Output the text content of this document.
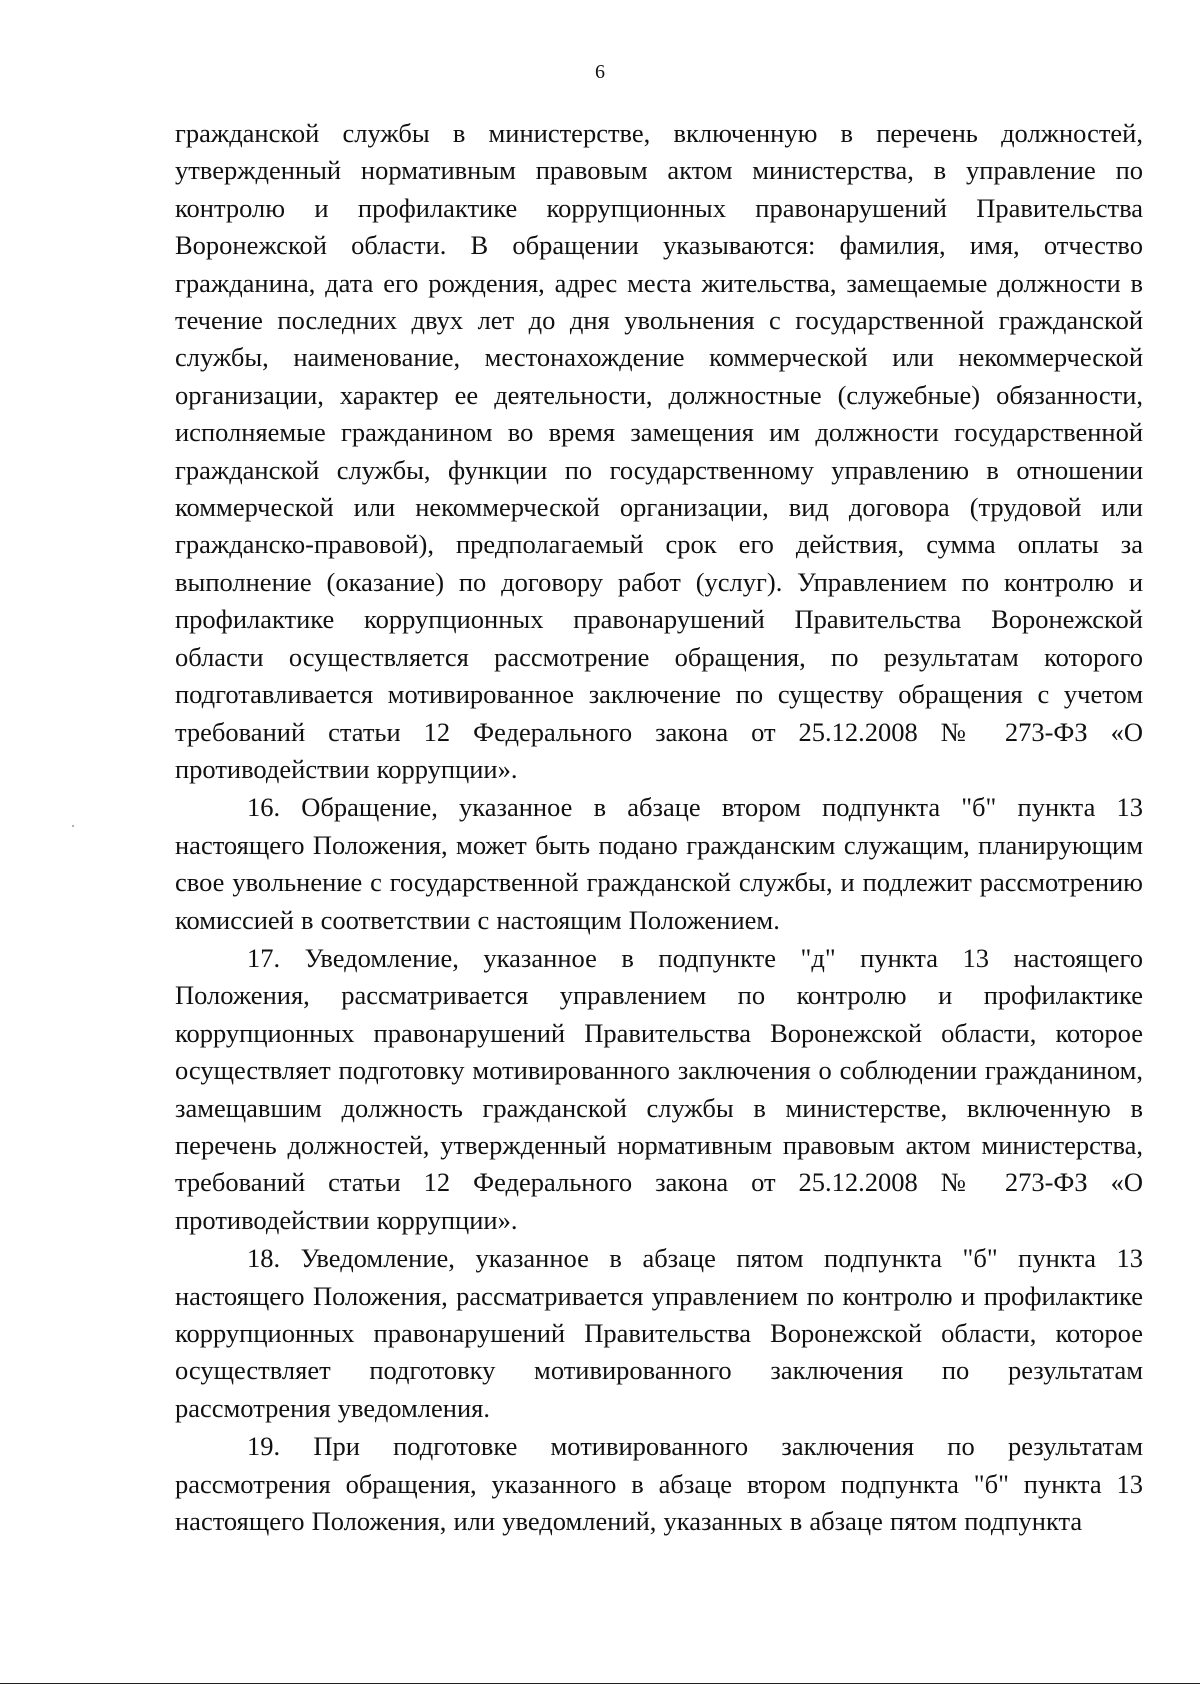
6

гражданской службы в министерстве, включенную в перечень должностей, утвержденный нормативным правовым актом министерства, в управление по контролю и профилактике коррупционных правонарушений Правительства Воронежской области. В обращении указываются: фамилия, имя, отчество гражданина, дата его рождения, адрес места жительства, замещаемые должности в течение последних двух лет до дня увольнения с государственной гражданской службы, наименование, местонахождение коммерческой или некоммерческой организации, характер ее деятельности, должностные (служебные) обязанности, исполняемые гражданином во время замещения им должности государственной гражданской службы, функции по государственному управлению в отношении коммерческой или некоммерческой организации, вид договора (трудовой или гражданско-правовой), предполагаемый срок его действия, сумма оплаты за выполнение (оказание) по договору работ (услуг). Управлением по контролю и профилактике коррупционных правонарушений Правительства Воронежской области осуществляется рассмотрение обращения, по результатам которого подготавливается мотивированное заключение по существу обращения с учетом требований статьи 12 Федерального закона от 25.12.2008 № 273-ФЗ «О противодействии коррупции».

16. Обращение, указанное в абзаце втором подпункта "б" пункта 13 настоящего Положения, может быть подано гражданским служащим, планирующим свое увольнение с государственной гражданской службы, и подлежит рассмотрению комиссией в соответствии с настоящим Положением.

17. Уведомление, указанное в подпункте "д" пункта 13 настоящего Положения, рассматривается управлением по контролю и профилактике коррупционных правонарушений Правительства Воронежской области, которое осуществляет подготовку мотивированного заключения о соблюдении гражданином, замещавшим должность гражданской службы в министерстве, включенную в перечень должностей, утвержденный нормативным правовым актом министерства, требований статьи 12 Федерального закона от 25.12.2008 № 273-ФЗ «О противодействии коррупции».

18. Уведомление, указанное в абзаце пятом подпункта "б" пункта 13 настоящего Положения, рассматривается управлением по контролю и профилактике коррупционных правонарушений Правительства Воронежской области, которое осуществляет подготовку мотивированного заключения по результатам рассмотрения уведомления.

19. При подготовке мотивированного заключения по результатам рассмотрения обращения, указанного в абзаце втором подпункта "б" пункта 13 настоящего Положения, или уведомлений, указанных в абзаце пятом подпункта
